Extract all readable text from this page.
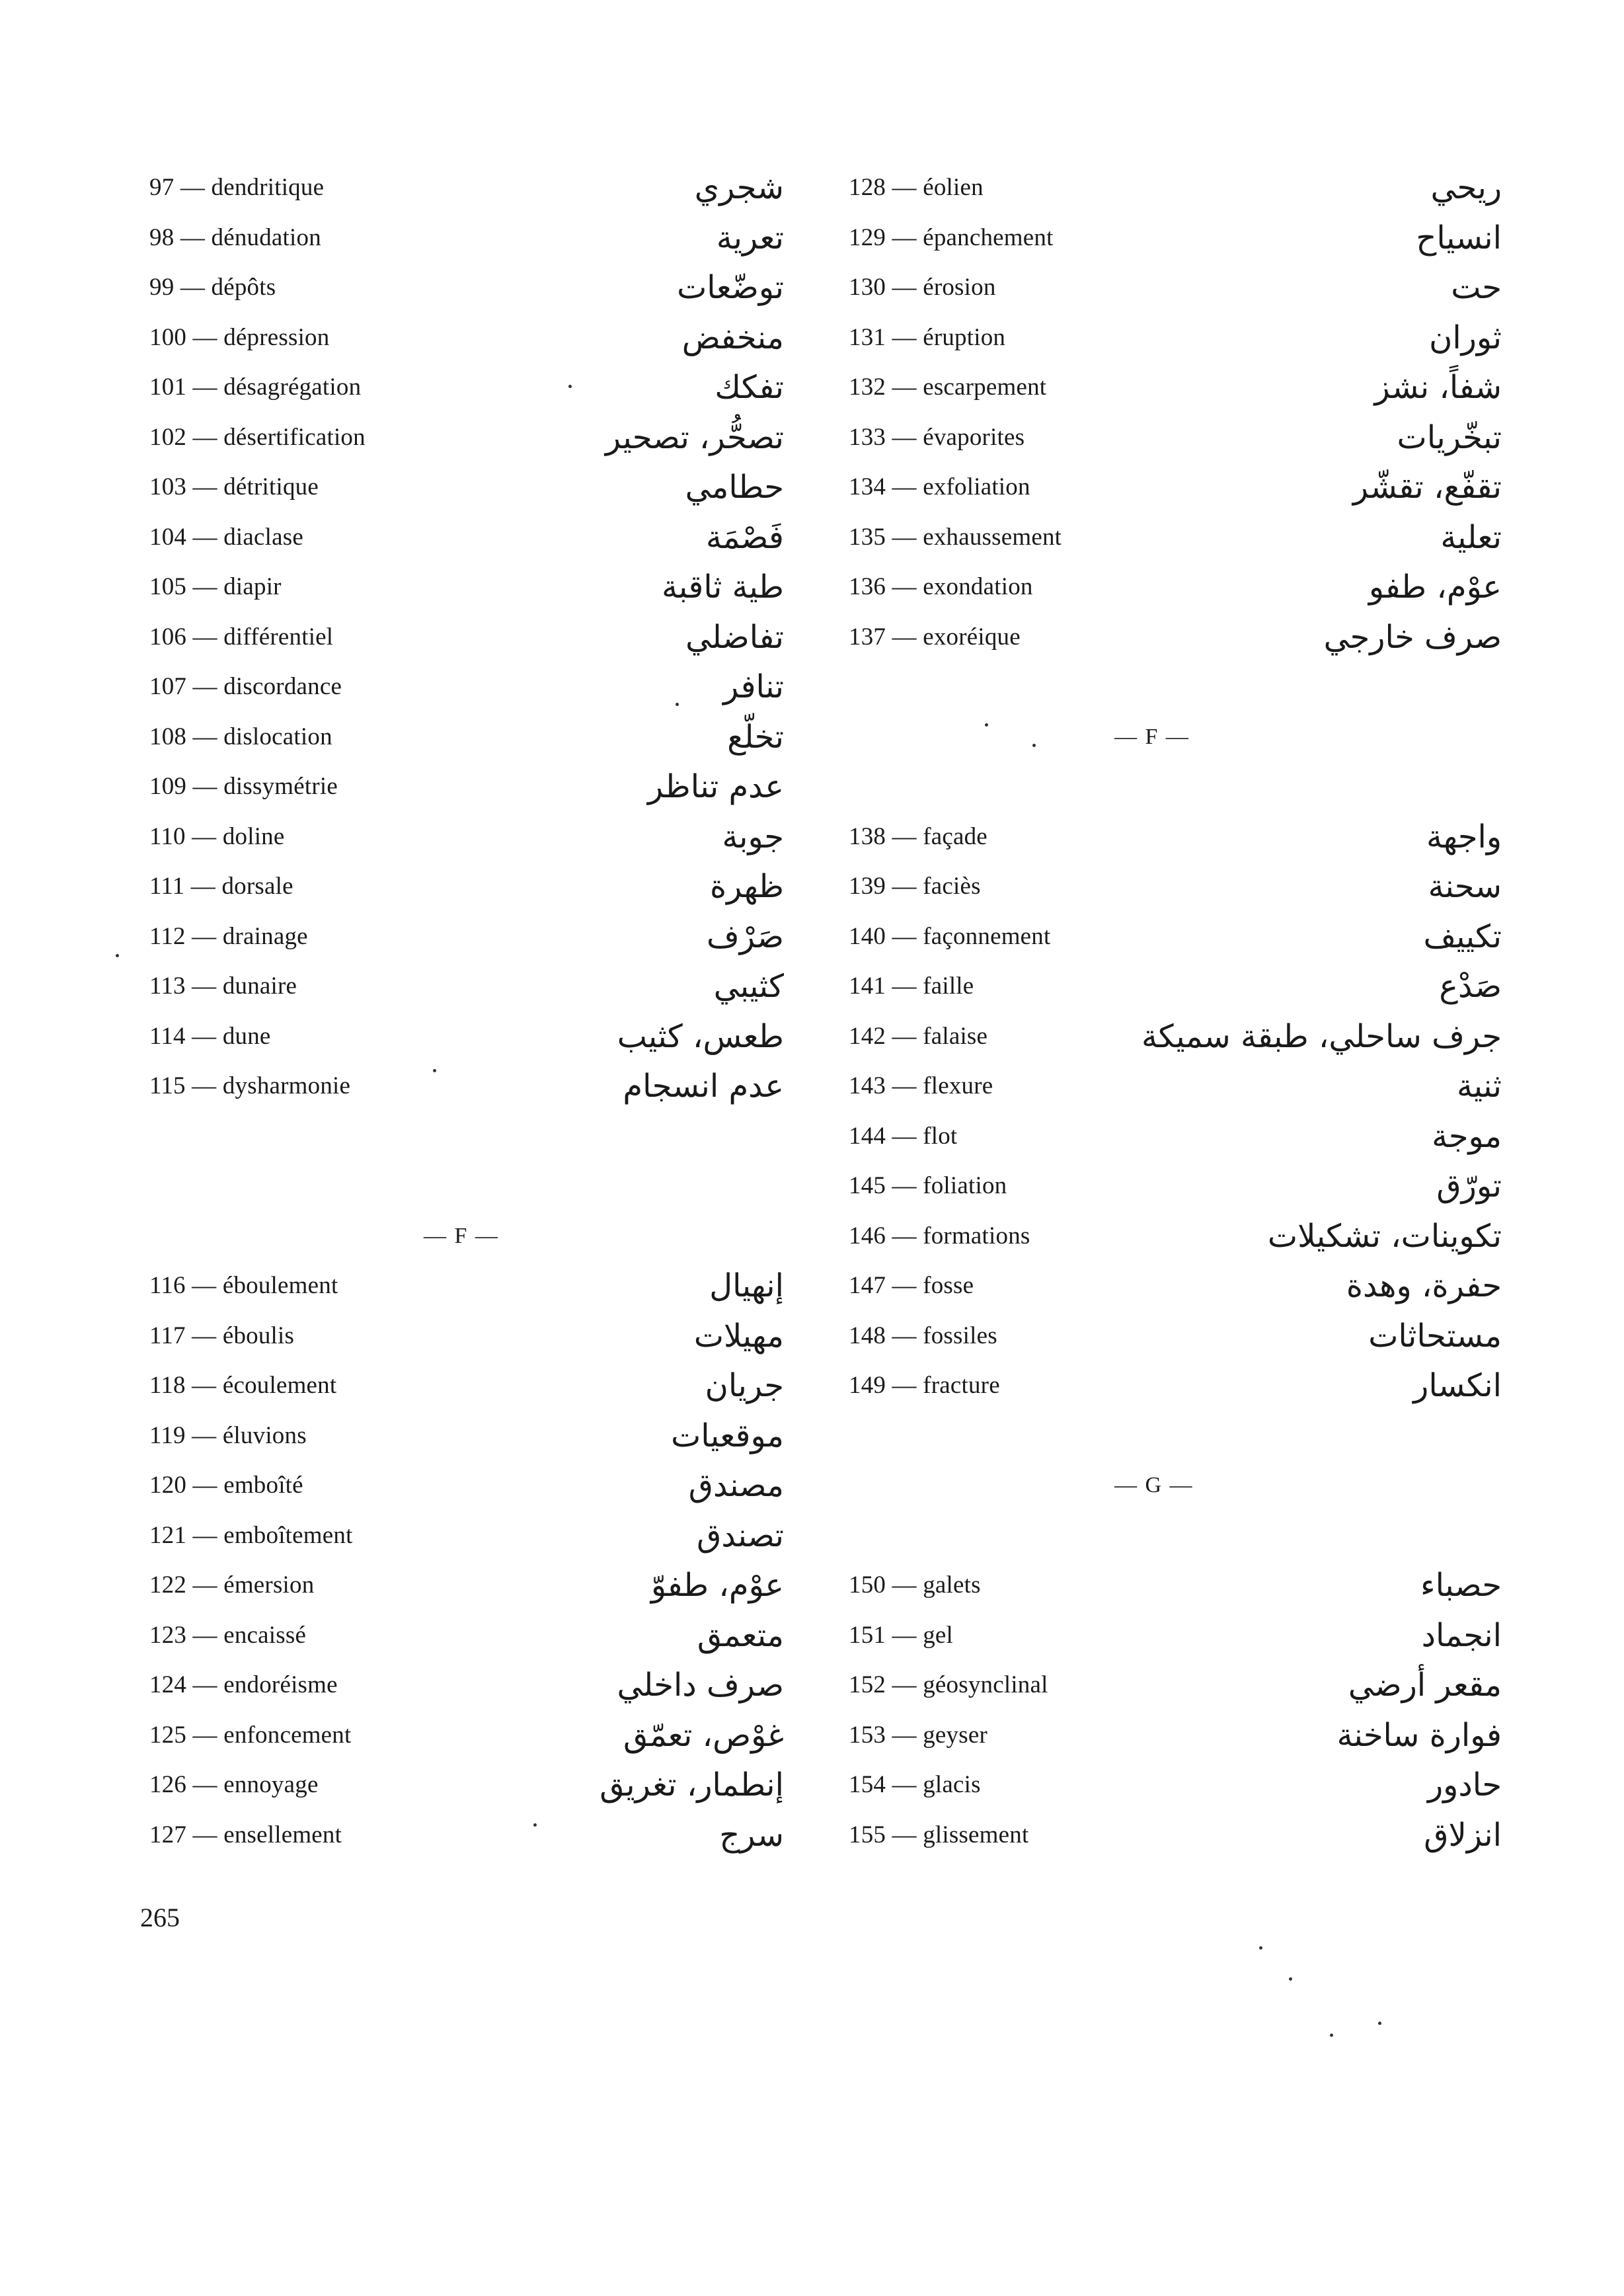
97 — dendritique	شجري
98 — dénudation	تعرية
99 — dépôts	توضّعات
100 — dépression	منخفض
101 — désagrégation	تفكك
102 — désertification	تصحُّر، تصحير
103 — détritique	حطامي
104 — diaclase	فَصْمَة
105 — diapir	طية ثاقبة
106 — différentiel	تفاضلي
107 — discordance	تنافر
108 — dislocation	تخلّع
109 — dissymétrie	عدم تناظر
110 — doline	جوبة
111 — dorsale	ظهرة
112 — drainage	صَرْف
113 — dunaire	كثيبي
114 — dune	طعس، كثيب
115 — dysharmonie	عدم انسجام
— F —
116 — éboulement	إنهيال
117 — éboulis	مهيلات
118 — écoulement	جريان
119 — éluvions	موقعيات
120 — emboîté	مصندق
121 — emboîtement	تصندق
122 — émersion	عوْم، طفوّ
123 — encaissé	متعمق
124 — endoréisme	صرف داخلي
125 — enfoncement	غوْص، تعمّق
126 — ennoyage	إنطمار، تغريق
127 — ensellement	سرج
128 — éolien	ريحي
129 — épanchement	انسياح
130 — érosion	حت
131 — éruption	ثوران
132 — escarpement	شفاً، نشز
133 — évaporites	تبخّريات
134 — exfoliation	تقفّع، تقشّر
135 — exhaussement	تعلية
136 — exondation	عوْم، طفو
137 — exoréique	صرف خارجي
— F —
138 — façade	واجهة
139 — faciès	سحنة
140 — façonnement	تكييف
141 — faille	صَدْع
142 — falaise	جرف ساحلي، طبقة سميكة
143 — flexure	ثنية
144 — flot	موجة
145 — foliation	تورّق
146 — formations	تكوينات، تشكيلات
147 — fosse	حفرة، وهدة
148 — fossiles	مستحاثات
149 — fracture	انكسار
— G —
150 — galets	حصباء
151 — gel	انجماد
152 — géosynclinal	مقعر أرضي
153 — geyser	فوارة ساخنة
154 — glacis	حادور
155 — glissement	انزلاق
265
